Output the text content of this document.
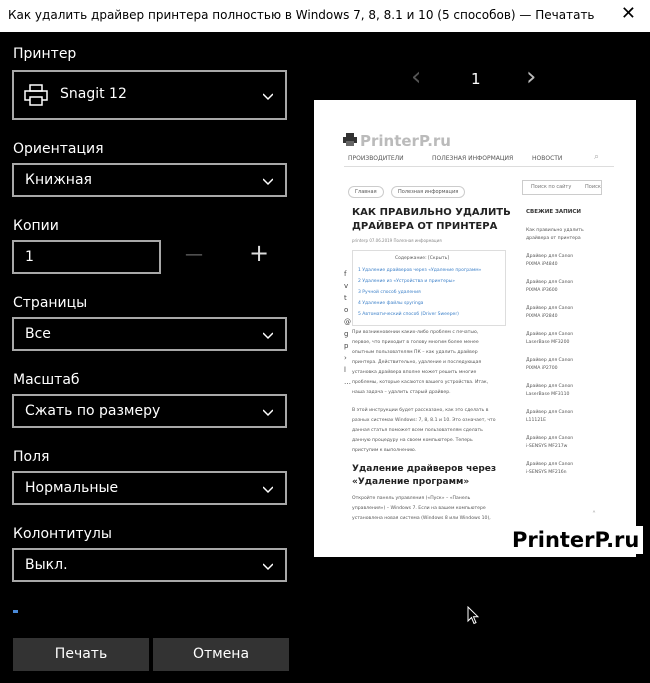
Как удалить драйвер принтера полностью в Windows 7, 8, 8.1 и 10 (5 способов) — Печатать ✕
Принтер
Snagit 12
Ориентация
Книжная
Копии
1	— +
Страницы
Все
Масштаб
Сжать по размеру
Поля
Нормальные
Колонтитулы
Выкл.
Печать	Отмена
‹	1 ›
PrinterP.ru
ПРОИЗВОДИТЕЛИ	ПОЛЕЗНАЯ ИНФОРМАЦИЯ	НОВОСТИ	⌕
Главная	Полезная информация
Поиск по сайту	Поиск
КАК ПРАВИЛЬНО УДАЛИТЬ
ДРАЙВЕРА ОТ ПРИНТЕРА
printerp 07.06.2019 Полезная информация
Содержание: [Скрыть]
1 Удаление драйверов через «Удаление программ»
2 Удаление из «Устройства и принтеры»
3 Ручной способ удаления
4 Удаление файлы spyringa
5 Автоматический способ (Driver Sweeper)
f
v
t
o
@
g
p
›
l
…
При возникновении каких-либо проблем с печатью,
первое, что приходит в голову многим более менее
опытным пользователям ПК – как удалить драйвер
принтера. Действительно, удаление и последующая
установка драйвера вполне может решить многие
проблемы, которые касаются вашего устройства. Итак,
наша задача – удалить старый драйвер.
В этой инструкции будет рассказано, как это сделать в
разных системах Windows: 7, 8, 8.1 и 10. Это означает, что
данная статья поможет всем пользователям сделать
данную процедуру на своем компьютере. Теперь
приступим к выполнению.
Удаление драйверов через
«Удаление программ»
Откройте панель управления («Пуск» – «Панель
управления») – Windows 7. Если на вашем компьютере
установлена новая система (Windows 8 или Windows 10),
СВЕЖИЕ ЗАПИСИ
Как правильно удалить
драйвера от принтера
Драйвер для Canon
PIXMA iP4840
Драйвер для Canon
PIXMA iP3600
Драйвер для Canon
PIXMA iP2840
Драйвер для Canon
LaserBase MF3200
Драйвер для Canon
PIXMA iP2700
Драйвер для Canon
LaserBase MF3110
Драйвер для Canon
L11121E
Драйвер для Canon
i-SENSYS MF217w
Драйвер для Canon
i-SENSYS MF216n
˄
PrinterP.ru
